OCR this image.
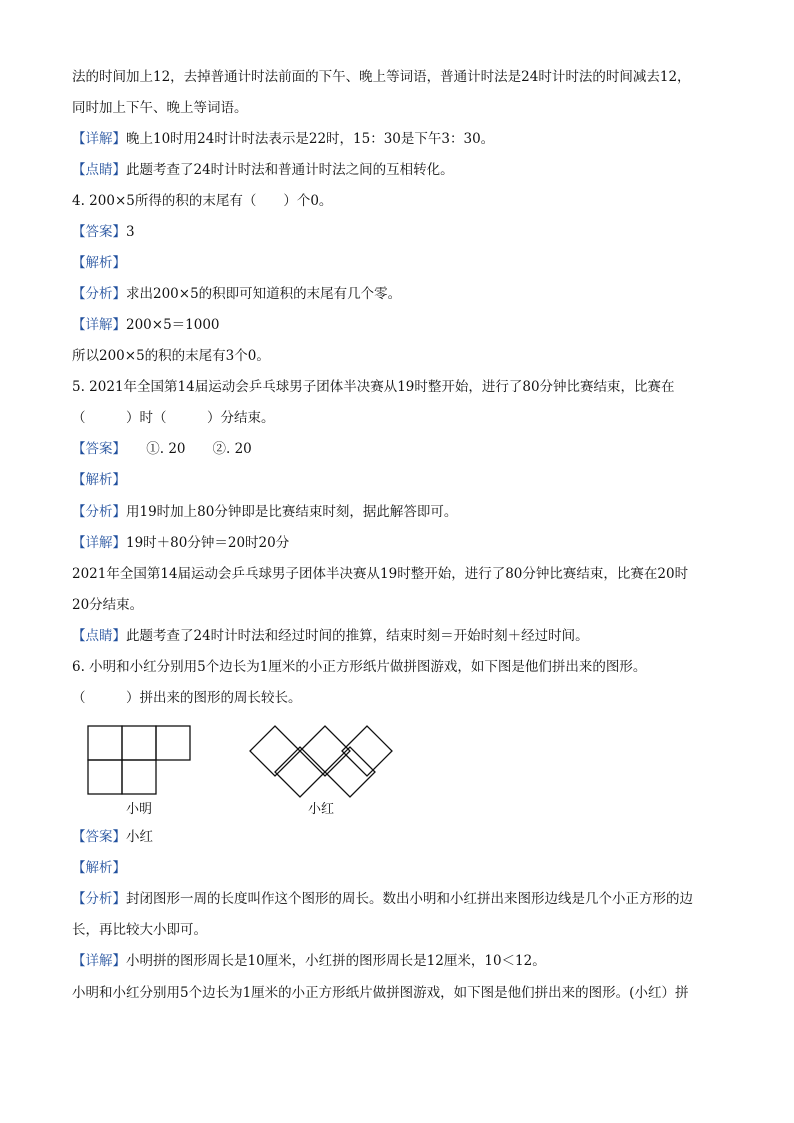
法的时间加上12，去掉普通计时法前面的下午、晚上等词语，普通计时法是24时计时法的时间减去12，
同时加上下午、晚上等词语。
【详解】晚上10时用24时计时法表示是22时，15：30是下午3：30。
【点睛】此题考查了24时计时法和普通计时法之间的互相转化。
4. 200×5所得的积的末尾有（　　）个0。
【答案】3
【解析】
【分析】求出200×5的积即可知道积的末尾有几个零。
【详解】200×5＝1000
所以200×5的积的末尾有3个0。
5. 2021年全国第14届运动会乒乓球男子团体半决赛从19时整开始，进行了80分钟比赛结束，比赛在
（　　　）时（　　　）分结束。
【答案】　　①. 20　　②. 20
【解析】
【分析】用19时加上80分钟即是比赛结束时刻，据此解答即可。
【详解】19时＋80分钟＝20时20分
2021年全国第14届运动会乒乓球男子团体半决赛从19时整开始，进行了80分钟比赛结束，比赛在20时
20分结束。
【点睛】此题考查了24时计时法和经过时间的推算，结束时刻＝开始时刻＋经过时间。
6. 小明和小红分别用5个边长为1厘米的小正方形纸片做拼图游戏，如下图是他们拼出来的图形。
（　　　）拼出来的图形的周长较长。
小明	小红
【答案】小红
【解析】
【分析】封闭图形一周的长度叫作这个图形的周长。数出小明和小红拼出来图形边线是几个小正方形的边
长，再比较大小即可。
【详解】小明拼的图形周长是10厘米，小红拼的图形周长是12厘米，10＜12。
小明和小红分别用5个边长为1厘米的小正方形纸片做拼图游戏，如下图是他们拼出来的图形。(小红）拼
